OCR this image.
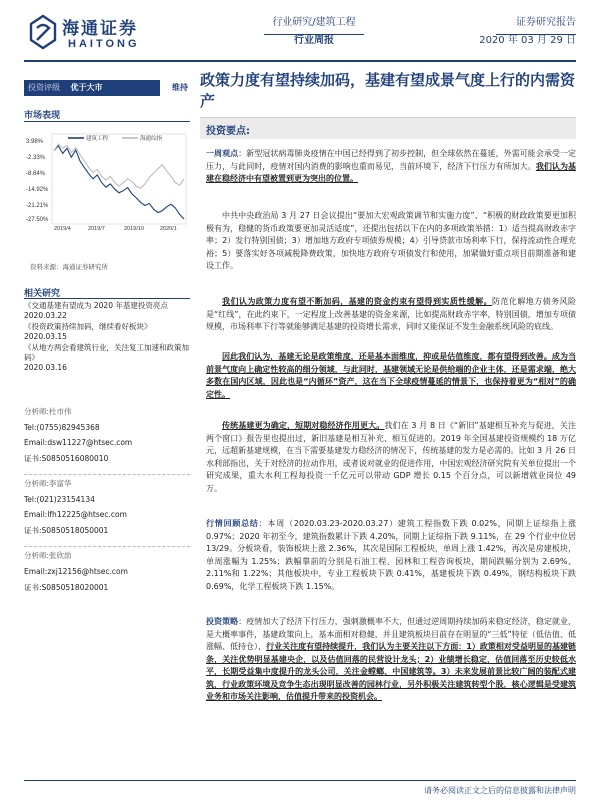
海通证券
HAITONG
行业研究/建筑工程
行业周报
证券研究报告
2020 年 03 月 29 日
投资评级 优于大市	维持
市场表现
建筑工程	海通综指
3.98%
-2.33%
-8.64%
-14.92%
-21.21%
-27.50%
2019/4	2019/7	2019/10	2020/1
资料来源：海通证券研究所
相关研究
《交通基建有望成为 2020 年基建投资亮点
2020.03.22
《投资政策持续加码，继续看好板块》
2020.03.15
《从地方两会看建筑行业，关注复工加速和政策加码》
2020.03.16
分析师:杜市伟
Tel:(0755)82945368
Email:dsw11227@htsec.com
证书:S0850516080010
分析师:李富华
Tel:(021)23154134
Email:lfh12225@htsec.com
证书:S0850518050001
分析师:张欣劼
Email:zxj12156@htsec.com
证书:S0850518020001
政策力度有望持续加码，基建有望成景气度上行的内需资产
投资要点:
一周观点：新型冠状病毒肺炎疫情在中国已经得到了初步控制，但全球依然在蔓延，外需可能会承受一定压力，与此同时，疫情对国内消费的影响也重而易见，当前环境下，经济下行压力有所加大。我们认为基建在稳经济中有望被置到更为突出的位置。
中共中央政治局 3 月 27 日会议提出“要加大宏观政策调节和实施力度”、“积极的财政政策要更加积极有为，稳健的货币政策要更加灵活适度”，还提出包括以下在内的多项政策举措：1）适当提高财政赤字率；2）发行特别国债；3）增加地方政府专项债券规模；4）引导贷款市场利率下行，保持流动性合理充裕；5）要落实好各项减税降费政策，加快地方政府专项债发行和使用，加紧做好重点项目前期准备和建设工作。
我们认为政策力度有望不断加码，基建的资金约束有望得到实质性缓解。防范化解地方债务风险是“红线”，在此约束下，一定程度上改善基建的资金来源，比如提高财政赤字率，特别国债，增加专项债规模，市场利率下行等就能够满足基建的投资增长需求，同时又能保证不发生金融系统风险的底线。
因此我们认为，基建无论是政策维度，还是基本面维度，抑或是估值维度，都有望得到改善。成为当前景气度向上确定性较高的细分领域，与此同时，基建领域无论是供给端的企业主体，还是需求端，绝大多数在国内区域，因此也是“内循环”资产，这在当下全球疫情蔓延的情景下，也保持着更为“相对”的确定性。
传统基建更为确定，短期对稳经济作用更大。我们在 3 月 8 日《“新旧”基建相互补充与促进，关注两个窗口》报告里也提出过，新旧基建是相互补充、相互促进的。2019 年全国基建投资规模约 18 万亿元，远超新基建规模，在当下需要基建发力稳经济的情况下，传统基建的发力是必需的。比如 3 月 26 日水利部指出，关于对经济的拉动作用，或者说对就业的促进作用，中国宏观经济研究院有关单位提出一个研究成果，重大水利工程每投资一千亿元可以带动 GDP 增长 0.15 个百分点，可以新增就业岗位 49 万。
行情回顾总结：本周（2020.03.23-2020.03.27）建筑工程指数下跌 0.02%，同期上证综指上涨 0.97%；2020 年初至今，建筑指数累计下跌 4.20%，同期上证综指下跌 9.11%，在 29 个行业中位居 13/29。分板块看，装饰板块上涨 2.36%，其次是国际工程板块，单周上涨 1.42%，再次是房建板块，单周涨幅为 1.25%；跌幅靠前的分别是石油工程、园林和工程咨询板块，期间跌幅分别为 2.69%、2.11%和 1.22%；其他板块中，专业工程板块下跌 0.41%，基建板块下跌 0.49%，钢结构板块下跌 0.69%，化学工程板块下跌 1.15%。
投资策略：疫情加大了经济下行压力，强刺激概率不大，但通过逆周期持续加码来稳定经济，稳定就业，是大概率事件，基建政策向上，基本面相对稳健，并且建筑板块目前存在明显的“三低”特征（低估值、低涨幅、低持仓），行业关注度有望持续提升，我们认为主要关注以下方面：1）政策相对受益明显的基建链条，关注优势明显基建央企，以及估值回落的民营设计龙头；2）业绩增长稳定，估值回落至历史较低水平，长期受益集中度提升的龙头公司，关注金螳螂、中国建筑等。3）未来发展前景比较广阔的装配式建筑，行业政策环境及竞争生态出现明显改善的园林行业，另外积极关注建筑转型个股，核心逻辑是受建筑业务和市场关注影响，估值提升带来的投资机会。
请务必阅读正文之后的信息披露和法律声明
